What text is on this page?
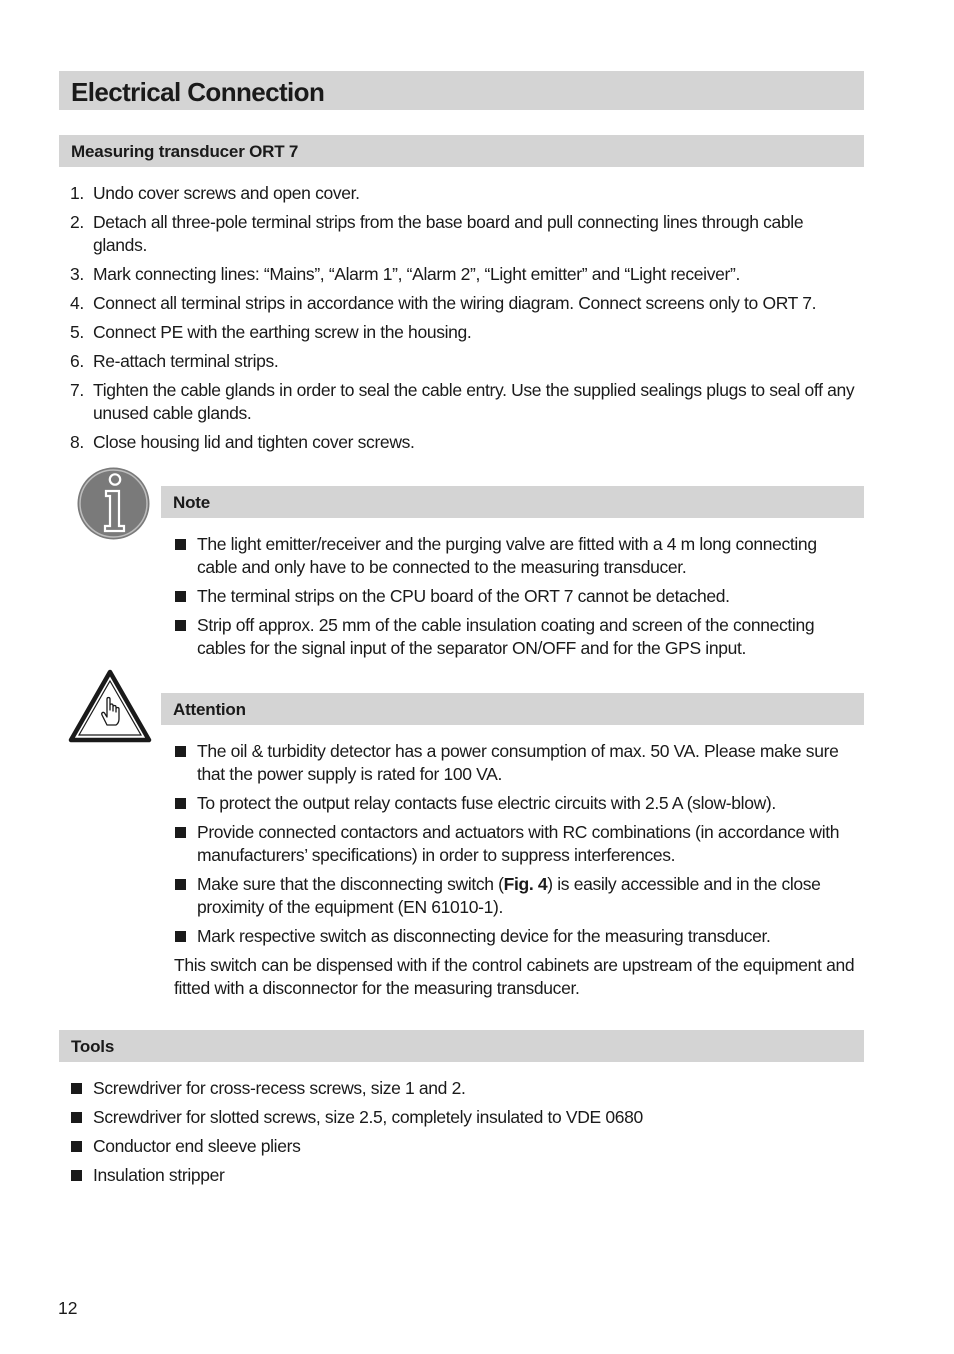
Electrical Connection
Measuring transducer ORT 7
1. Undo cover screws and open cover.
2. Detach all three-pole terminal strips from the base board and pull connecting lines through cable glands.
3. Mark connecting lines: “Mains”, “Alarm 1”, “Alarm 2”, “Light emitter” and “Light receiver”.
4. Connect all terminal strips in accordance with the wiring diagram. Connect screens only to ORT 7.
5. Connect PE with the earthing screw in the housing.
6. Re-attach terminal strips.
7. Tighten the cable glands in order to seal the cable entry. Use the supplied sealings plugs to seal off any unused cable glands.
8. Close housing lid and tighten cover screws.
Note
The light emitter/receiver and the purging valve are fitted with a 4 m long connecting cable and only have to be connected to the measuring transducer.
The terminal strips on the CPU board of the ORT 7 cannot be detached.
Strip off approx. 25 mm of the cable insulation coating and screen of the connecting cables for the signal input of the separator ON/OFF and for the GPS input.
Attention
The oil & turbidity detector has a power consumption of max. 50 VA. Please make sure that the power supply is rated for 100 VA.
To protect the output relay contacts fuse electric circuits with 2.5 A (slow-blow).
Provide connected contactors and actuators with RC combinations (in accordance with manufacturers’ specifications) in order to suppress interferences.
Make sure that the disconnecting switch (Fig. 4) is easily accessible and in the close proximity of the equipment (EN 61010-1).
Mark respective switch as disconnecting device for the measuring transducer.

This switch can be dispensed with if the control cabinets are upstream of the equipment and fitted with a disconnector for the measuring transducer.

Tools
Screwdriver for cross-recess screws, size 1 and 2.
Screwdriver for slotted screws, size 2.5, completely insulated to VDE 0680
Conductor end sleeve pliers
Insulation stripper
12
